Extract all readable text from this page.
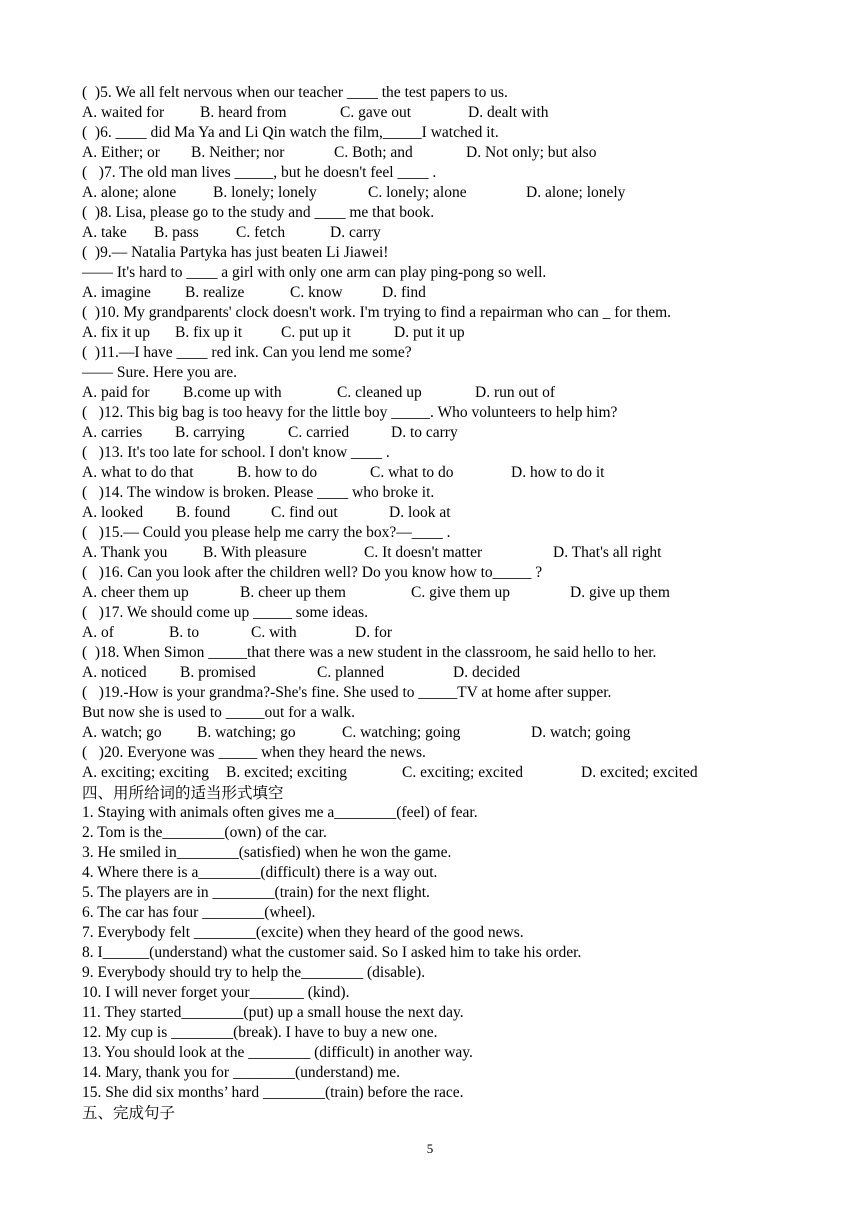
(  )5. We all felt nervous when our teacher ____ the test papers to us.
A. waited for B. heard from	C. gave out	D. dealt with
(  )6. ____ did Ma Ya and Li Qin watch the film,_____I watched it.
A. Either; or B. Neither; nor	C. Both; and	D. Not only; but also
(   )7. The old man lives _____, but he doesn't feel ____ .
A. alone; alone B. lonely; lonely	C. lonely; alone	D. alone; lonely
(  )8. Lisa, please go to the study and ____ me that book.
A. take B. pass C. fetch	D. carry
(  )9.— Natalia Partyka has just beaten Li Jiawei!
—— It's hard to ____ a girl with only one arm can play ping-pong so well.
A. imagine B. realize	C. know	D. find
(  )10. My grandparents' clock doesn't work. I'm trying to find a repairman who can _ for them.
A. fix it up B. fix up it	C. put up it	D. put it up
(  )11.—I have ____ red ink. Can you lend me some?
—— Sure. Here you are.
A. paid for B.come up with	C. cleaned up	D. run out of
(   )12. This big bag is too heavy for the little boy _____. Who volunteers to help him?
A. carries B. carrying	C. carried	D. to carry
(   )13. It's too late for school. I don't know ____ .
A. what to do that	B. how to do	C. what to do	D. how to do it
(   )14. The window is broken. Please ____ who broke it.
A. looked B. found	C. find out	D. look at
(   )15.— Could you please help me carry the box?—____ .
A. Thank you B. With pleasure	C. It doesn't matter	D. That's all right
(   )16. Can you look after the children well? Do you know how to_____ ?
A. cheer them up	B. cheer up them	C. give them up	D. give up them
(   )17. We should come up _____ some ideas.
A. of	B. to	C. with	D. for
(  )18. When Simon _____that there was a new student in the classroom, he said hello to her.
A. noticed B. promised	C. planned	D. decided
(   )19.-How is your grandma?-She's fine. She used to _____TV at home after supper.
But now she is used to _____out for a walk.
A. watch; go B. watching; go	C. watching; going	D. watch; going
(   )20. Everyone was _____ when they heard the news.
A. exciting; exciting B. excited; exciting	C. exciting; excited	D. excited; excited
四、用所给词的适当形式填空
1. Staying with animals often gives me a________(feel) of fear.
2. Tom is the________(own) of the car.
3. He smiled in________(satisfied) when he won the game.
4. Where there is a________(difficult) there is a way out.
5. The players are in ________(train) for the next flight.
6. The car has four ________(wheel).
7. Everybody felt ________(excite) when they heard of the good news.
8. I______(understand) what the customer said. So I asked him to take his order.
9. Everybody should try to help the________ (disable).
10. I will never forget your_______ (kind).
11. They started________(put) up a small house the next day.
12. My cup is ________(break). I have to buy a new one.
13. You should look at the ________ (difficult) in another way.
14. Mary, thank you for ________(understand) me.
15. She did six months’ hard ________(train) before the race.
五、完成句子
5
